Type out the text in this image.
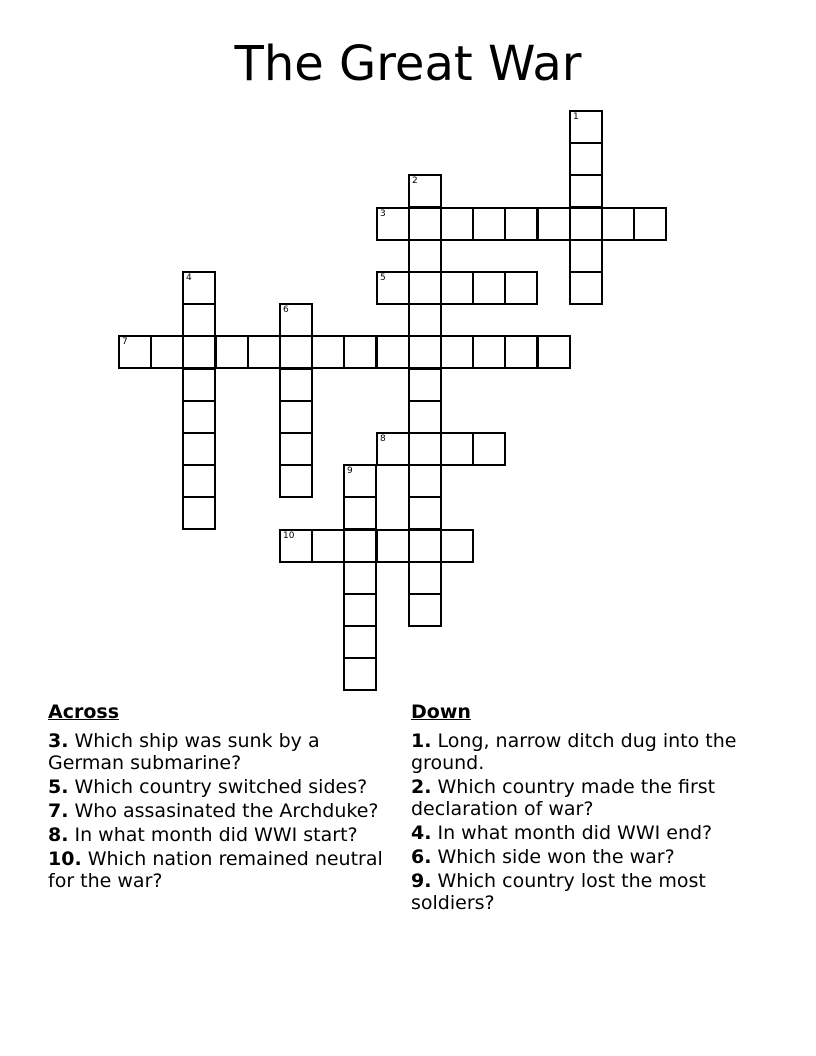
The Great War
1
2
3
4	5
6
7
8
9
10
Across
3. Which ship was sunk by a German submarine?
5. Which country switched sides?
7. Who assasinated the Archduke?
8. In what month did WWI start?
10. Which nation remained neutral for the war?
Down
1. Long, narrow ditch dug into the ground.
2. Which country made the first declaration of war?
4. In what month did WWI end?
6. Which side won the war?
9. Which country lost the most soldiers?
